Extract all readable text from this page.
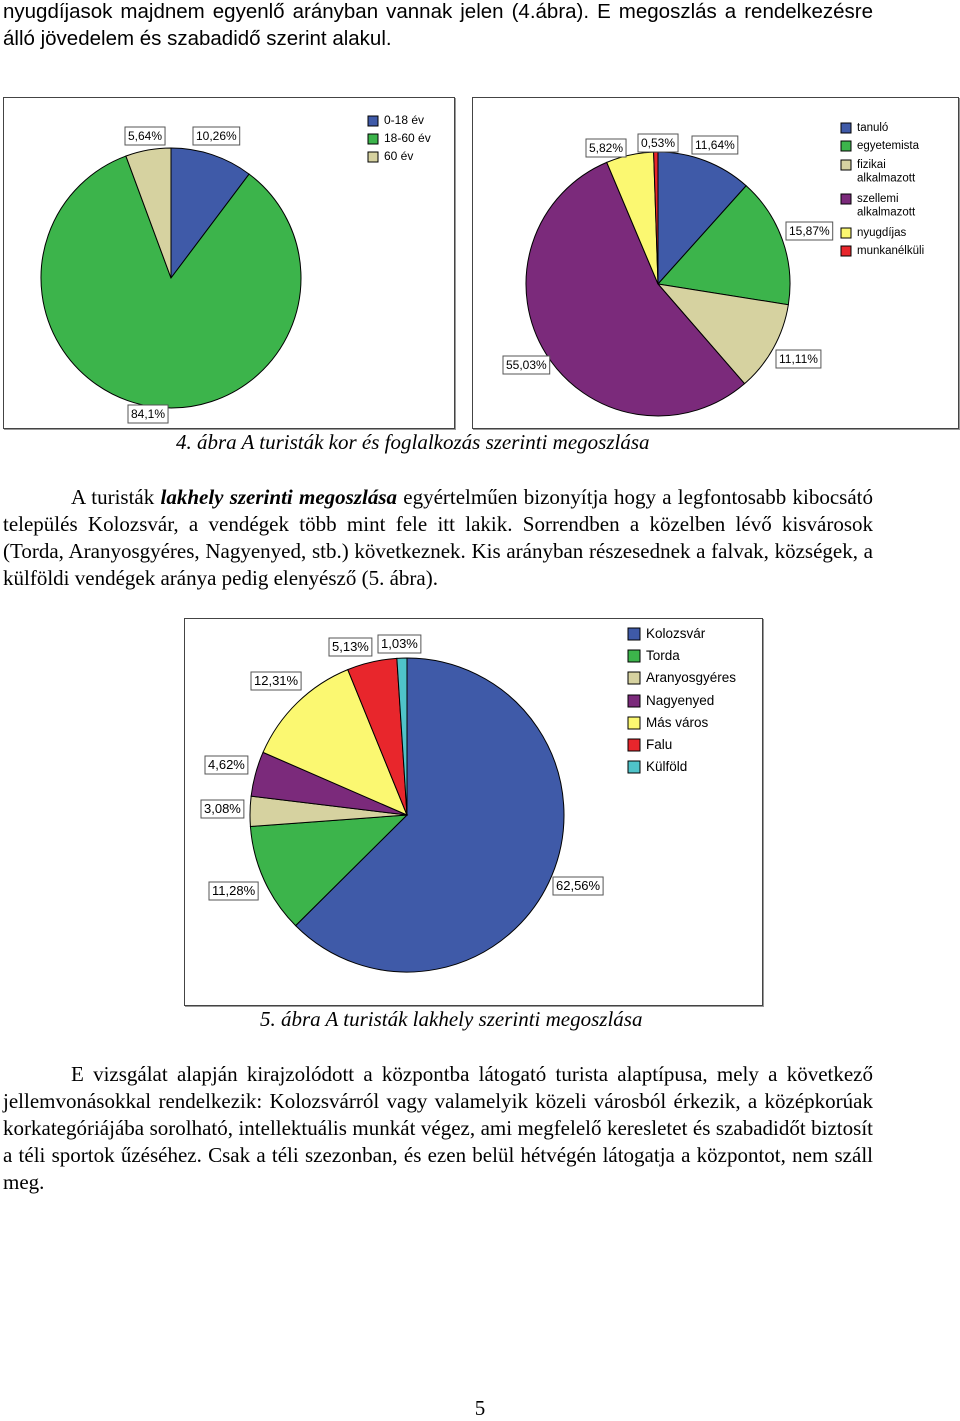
nyugdíjasok majdnem egyenlő arányban vannak jelen (4.ábra). E megoszlás a rendelkezésre
álló jövedelem és szabadidő szerint alakul.
10,26%
84,1%
5,64%
0-18 év
18-60 év
60 év
11,64%
15,87%
11,11%
55,03%
5,82% 0,53%
tanuló
egyetemista
fizikai alkalmazott
szellemi alkalmazott
nyugdíjas
munkanélküli
4. ábra A turisták kor és foglalkozás szerinti megoszlása
A turisták lakhely szerinti megoszlása egyértelműen bizonyítja hogy a legfontosabb kibocsátó település Kolozsvár, a vendégek több mint fele itt lakik. Sorrendben a közelben lévő kisvárosok (Torda, Aranyosgyéres, Nagyenyed, stb.) következnek. Kis arányban részesednek a falvak, községek, a külföldi vendégek aránya pedig elenyésző (5. ábra).
62,56%
11,28%
3,08%
4,62%
12,31%
5,13% 1,03%
Kolozsvár
Torda
Aranyosgyéres
Nagyenyed
Más város
Falu
Külföld
5. ábra A turisták lakhely szerinti megoszlása
E vizsgálat alapján kirajzolódott a központba látogató turista alaptípusa, mely a következő jellemvonásokkal rendelkezik: Kolozsvárról vagy valamelyik közeli városból érkezik, a középkorúak korkategóriájába sorolható, intellektuális munkát végez, ami megfelelő keresletet és szabadidőt biztosít a téli sportok űzéséhez. Csak a téli szezonban, és ezen belül hétvégén látogatja a központot, nem száll meg.
5
